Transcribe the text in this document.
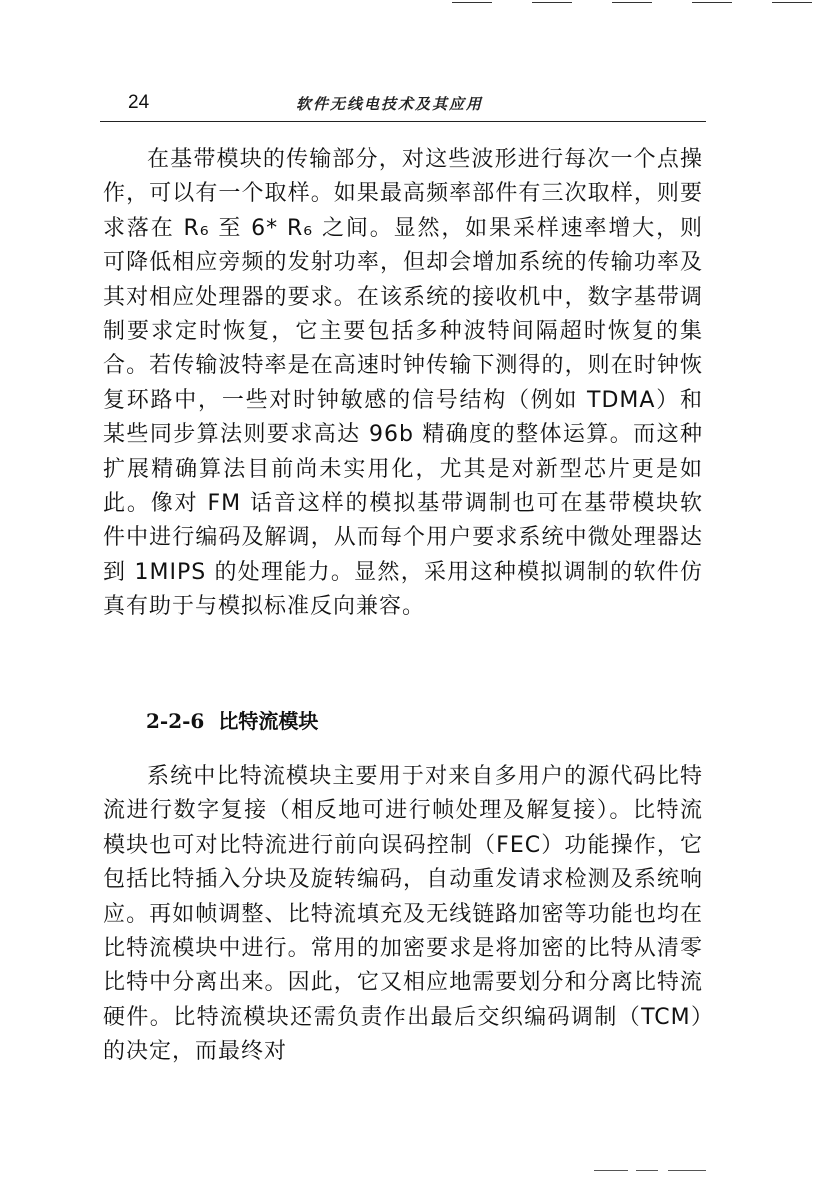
24	软件无线电技术及其应用

在基带模块的传输部分，对这些波形进行每次一个点操作，可以有一个取样。如果最高频率部件有三次取样，则要求落在 R₆ 至 6* R₆ 之间。显然，如果采样速率增大，则可降低相应旁频的发射功率，但却会增加系统的传输功率及其对相应处理器的要求。在该系统的接收机中，数字基带调制要求定时恢复，它主要包括多种波特间隔超时恢复的集合。若传输波特率是在高速时钟传输下测得的，则在时钟恢复环路中，一些对时钟敏感的信号结构（例如 TDMA）和某些同步算法则要求高达 96b 精确度的整体运算。而这种扩展精确算法目前尚未实用化，尤其是对新型芯片更是如此。像对 FM 话音这样的模拟基带调制也可在基带模块软件中进行编码及解调，从而每个用户要求系统中微处理器达到 1MIPS 的处理能力。显然，采用这种模拟调制的软件仿真有助于与模拟标准反向兼容。

2-2-6 比特流模块

系统中比特流模块主要用于对来自多用户的源代码比特流进行数字复接（相反地可进行帧处理及解复接）。比特流模块也可对比特流进行前向误码控制（FEC）功能操作，它包括比特插入分块及旋转编码，自动重发请求检测及系统响应。再如帧调整、比特流填充及无线链路加密等功能也均在比特流模块中进行。常用的加密要求是将加密的比特从清零比特中分离出来。因此，它又相应地需要划分和分离比特流硬件。比特流模块还需负责作出最后交织编码调制（TCM）的决定，而最终对
